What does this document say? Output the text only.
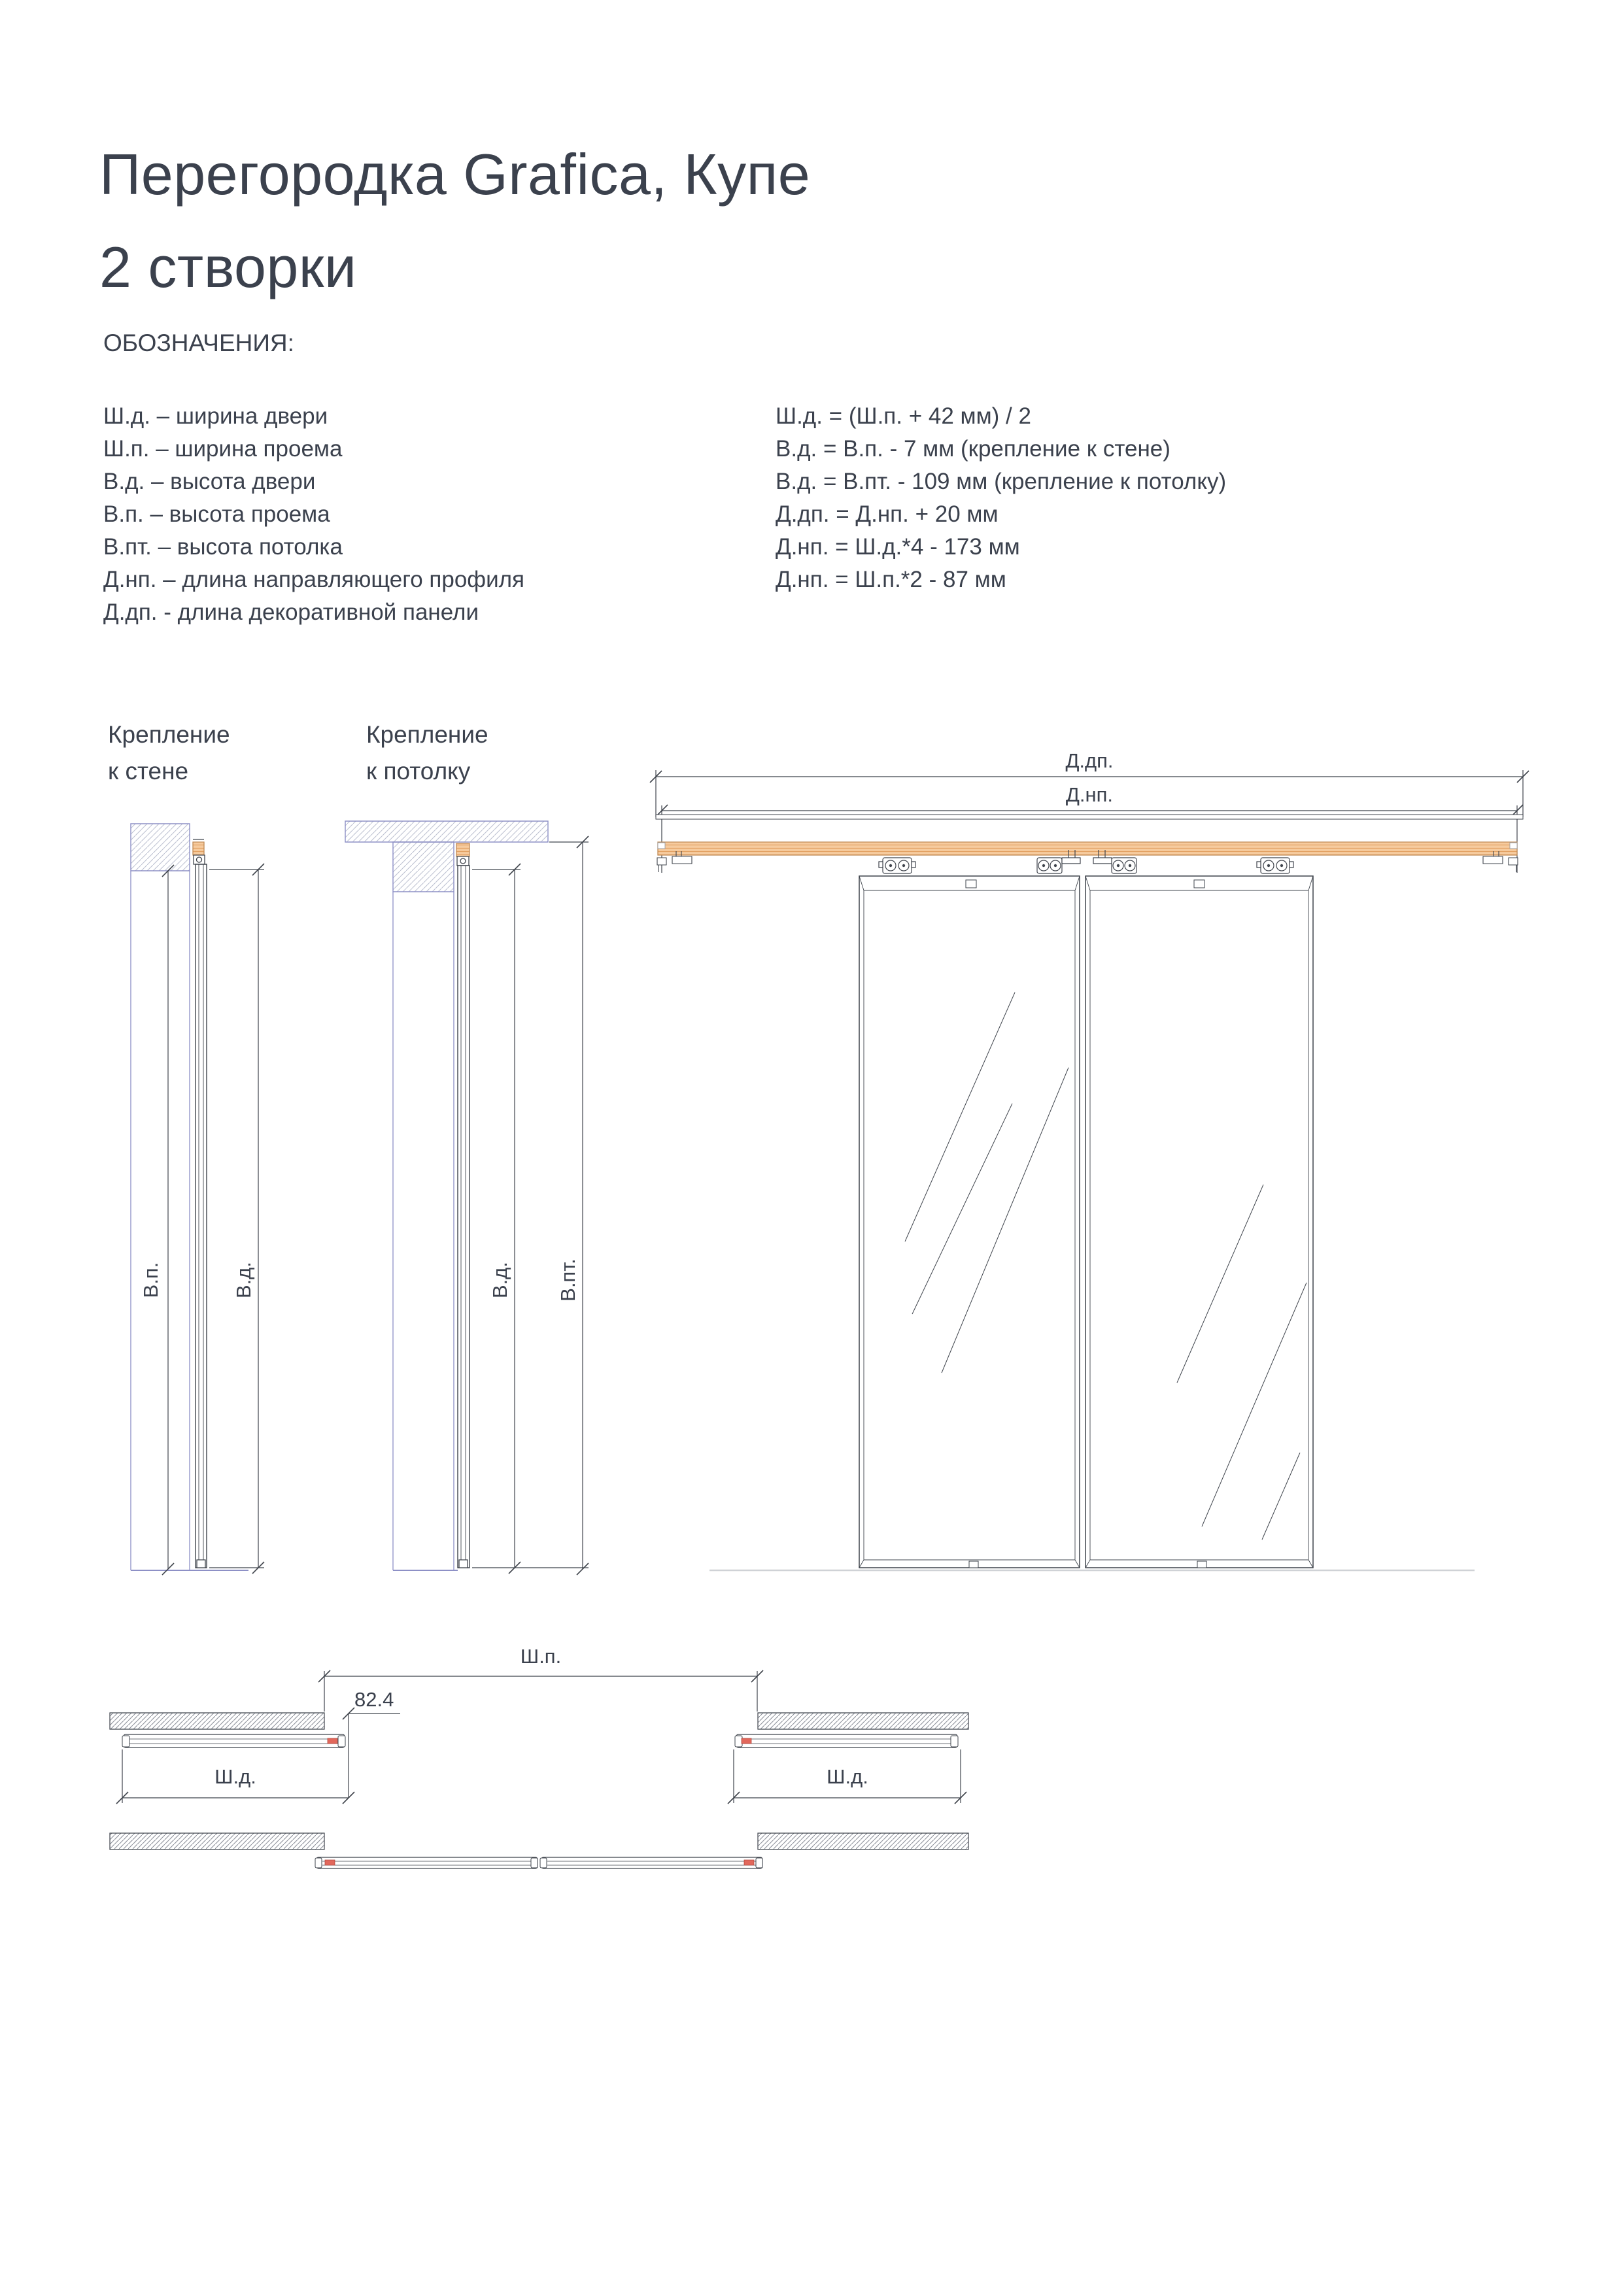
Перегородка Grafica, Купе
2 створки
ОБОЗНАЧЕНИЯ:
Ш.д. – ширина двери
Ш.п. – ширина проема
В.д. – высота двери
В.п. – высота проема
В.пт. – высота потолка
Д.нп. – длина направляющего профиля
Д.дп. - длина декоративной панели
Ш.д. = (Ш.п. + 42 мм) / 2
В.д. = В.п. - 7 мм (крепление к стене)
В.д. = В.пт. - 109 мм (крепление к потолку)
Д.дп. = Д.нп. + 20 мм
Д.нп. = Ш.д.*4 - 173 мм
Д.нп. = Ш.п.*2 - 87 мм
Крепление
к стене
Крепление
к потолку
В.п.	В.д.	В.д. В.пт.
Д.дп.
Д.нп.
Ш.п.
82.4
Ш.д.	Ш.д.
